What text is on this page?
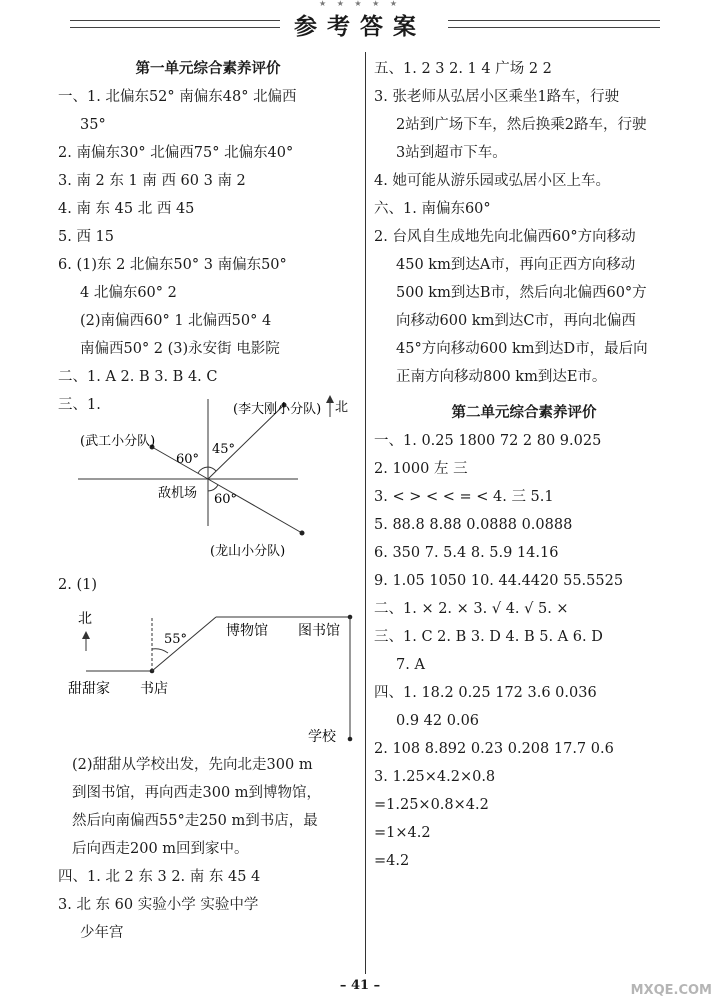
★ ★ ★ ★ ★
参考答案
第一单元综合素养评价
一、1. 北偏东52° 南偏东48° 北偏西
35°
2. 南偏东30° 北偏西75° 北偏东40°
3. 南 2 东 1 南 西 60 3 南 2
4. 南 东 45 北 西 45
5. 西 15
6. (1)东 2 北偏东50° 3 南偏东50°
4 北偏东60° 2
(2)南偏西60° 1 北偏西50° 4
南偏西50° 2 (3)永安街 电影院
二、1. A 2. B 3. B 4. C
三、1.	(李大刚小分队) 北
(武工小分队)
60°
45°
敌机场 60°
(龙山小分队)
2. (1)
北
55°
博物馆 图书馆
甜甜家 书店
学校
(2)甜甜从学校出发，先向北走300 m
到图书馆，再向西走300 m到博物馆，
然后向南偏西55°走250 m到书店，最
后向西走200 m回到家中。
四、1. 北 2 东 3 2. 南 东 45 4
3. 北 东 60 实验小学 实验中学
少年宫
五、1. 2 3 2. 1 4 广场 2 2
3. 张老师从弘居小区乘坐1路车，行驶
2站到广场下车，然后换乘2路车，行驶
3站到超市下车。
4. 她可能从游乐园或弘居小区上车。
六、1. 南偏东60°
2. 台风自生成地先向北偏西60°方向移动
450 km到达A市，再向正西方向移动
500 km到达B市，然后向北偏西60°方
向移动600 km到达C市，再向北偏西
45°方向移动600 km到达D市，最后向
正南方向移动800 km到达E市。
第二单元综合素养评价
一、1. 0.25 1800 72 2 80 9.025
2. 1000 左 三
3. < > < < = < 4. 三 5.1
5. 88.8 8.88 0.0888 0.0888
6. 350 7. 5.4 8. 5.9 14.16
9. 1.05 1050 10. 44.4420 55.5525
二、1. × 2. × 3. √ 4. √ 5. ×
三、1. C 2. B 3. D 4. B 5. A 6. D
7. A
四、1. 18.2 0.25 172 3.6 0.036
0.9 42 0.06
2. 108 8.892 0.23 0.208 17.7 0.6
3. 1.25×4.2×0.8
=1.25×0.8×4.2
=1×4.2
=4.2
– 41 –	MXQE.COM
